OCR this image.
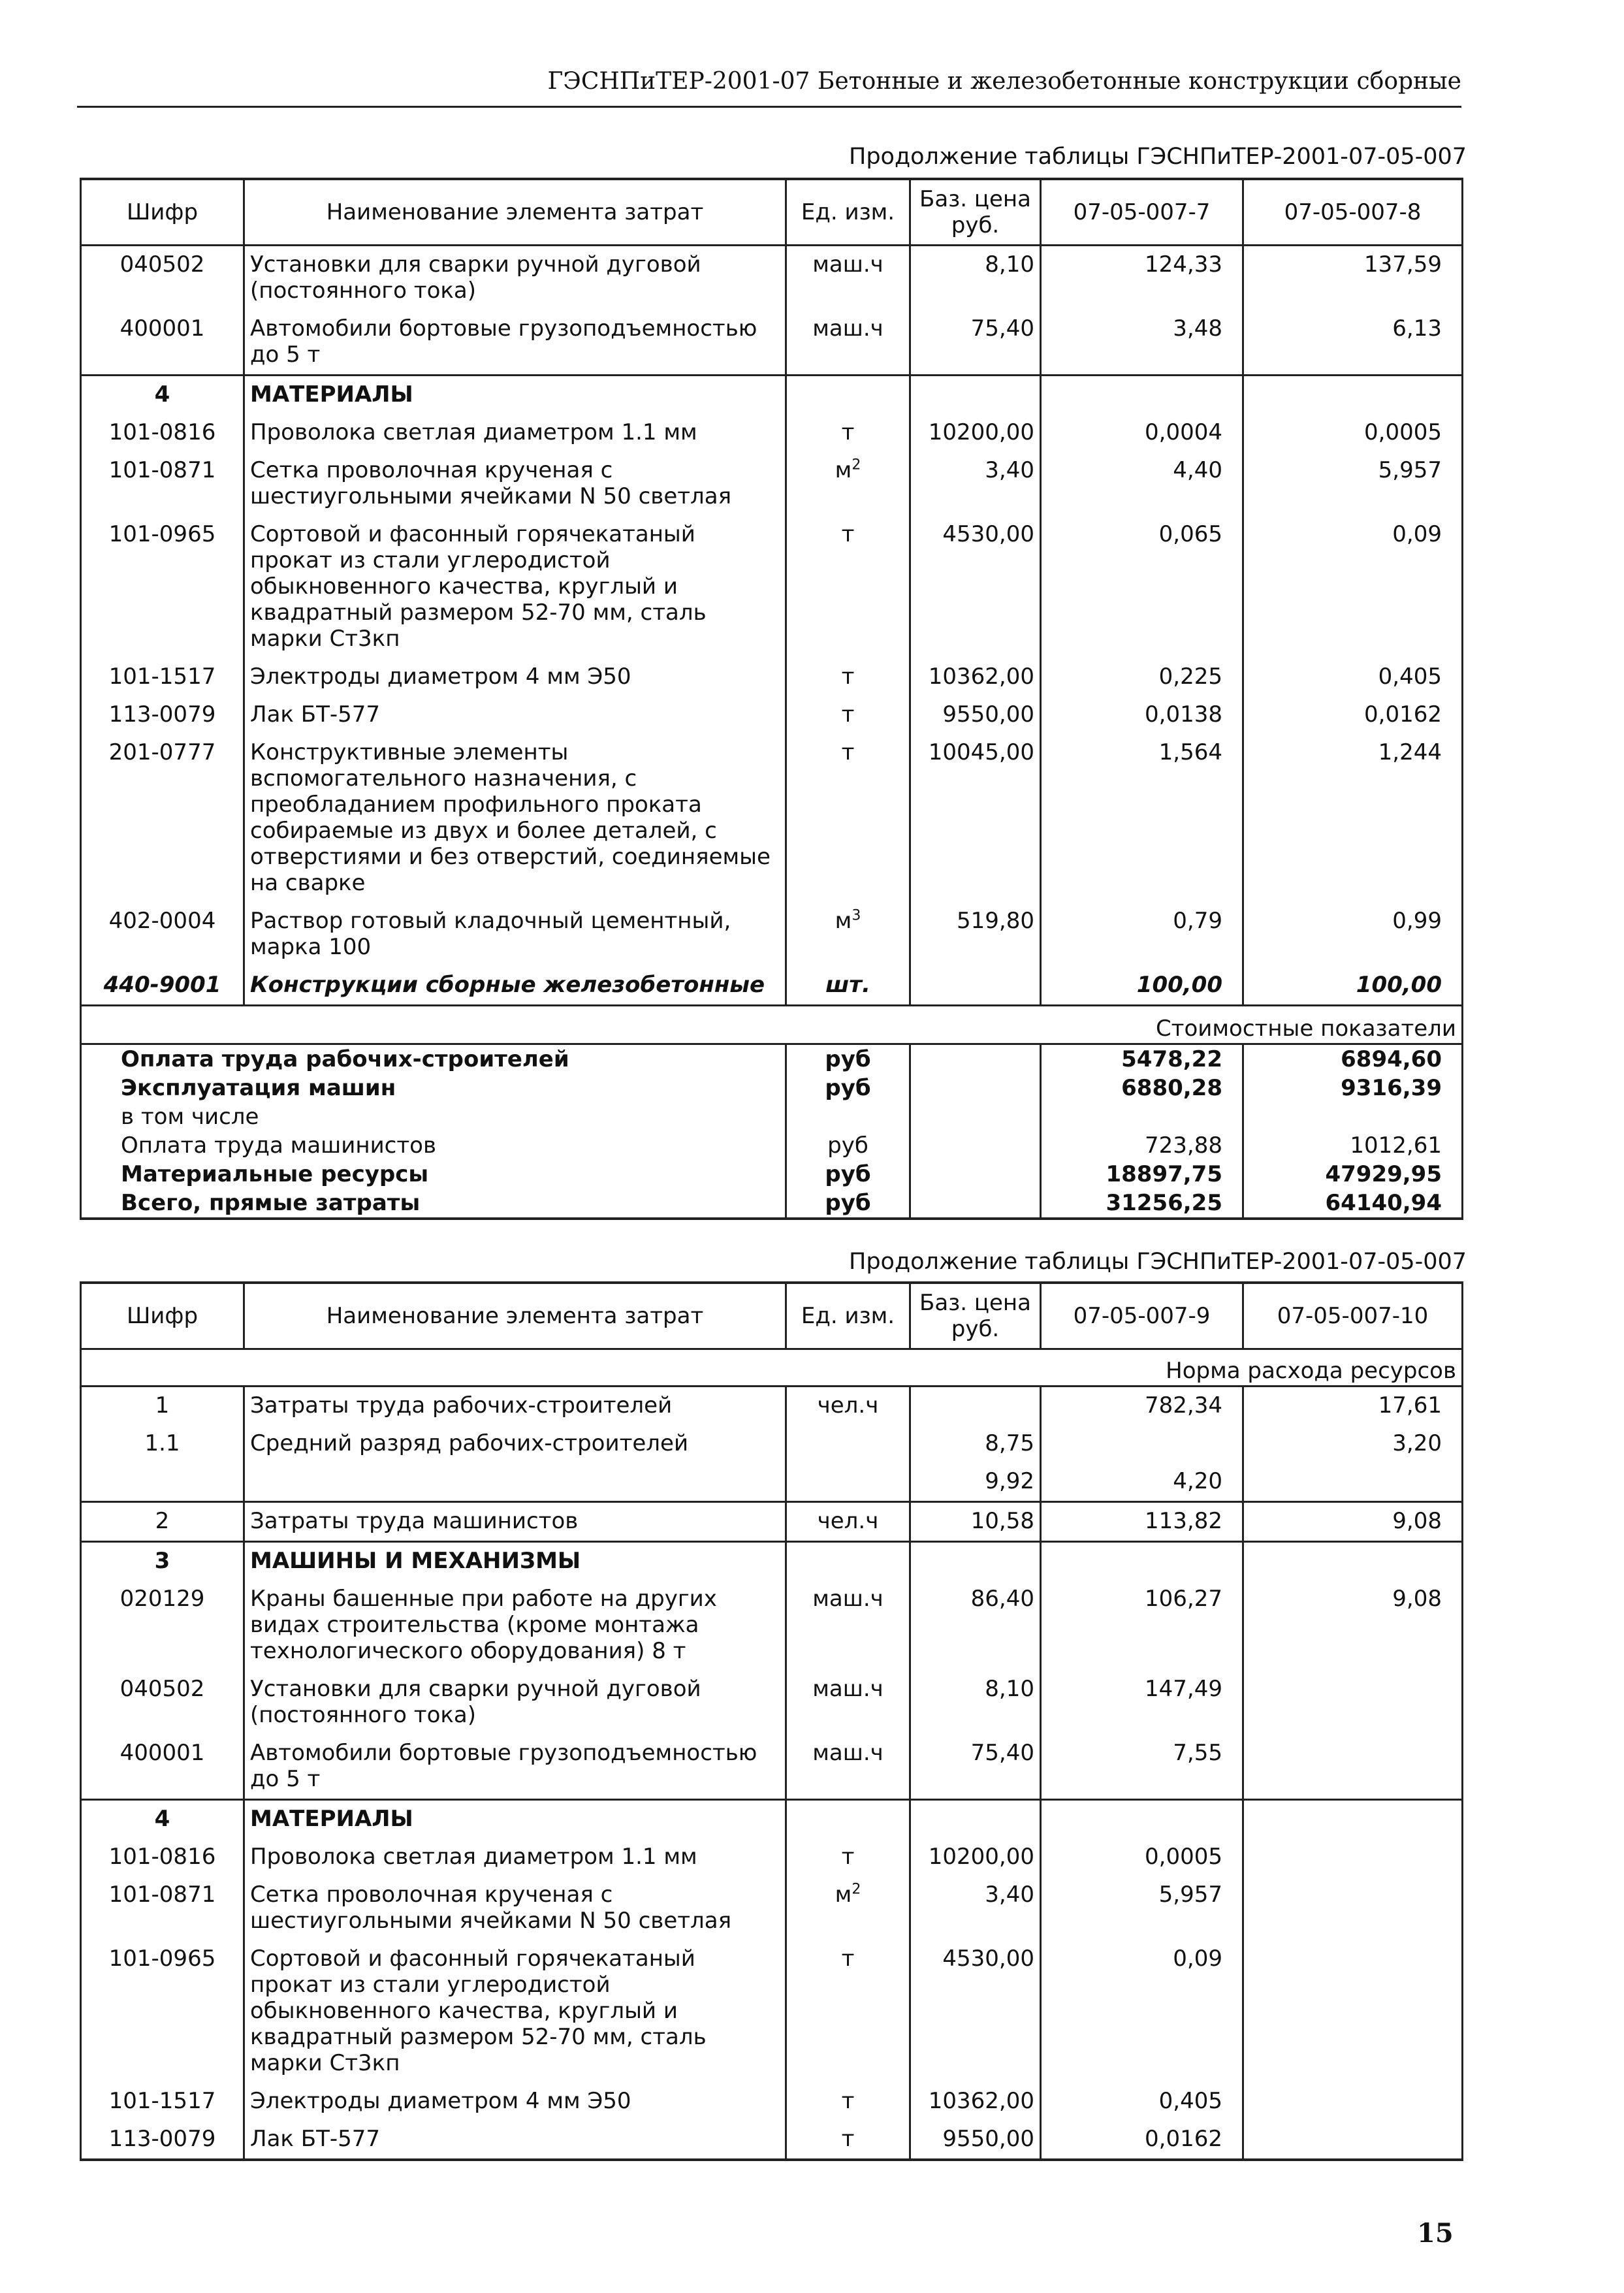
ГЭСНПиТЕР-2001-07 Бетонные и железобетонные конструкции сборные
Продолжение таблицы ГЭСНПиТЕР-2001-07-05-007
Шифр	Наименование элемента затрат	Ед. изм.	Баз. цена руб.	07-05-007-7	07-05-007-8
040502	Установки для сварки ручной дуговой (постоянного тока)	маш.ч	8,10	124,33	137,59
400001	Автомобили бортовые грузоподъемностью до 5 т	маш.ч	75,40	3,48	6,13
4	МАТЕРИАЛЫ				
101-0816	Проволока светлая диаметром 1.1 мм	т	10200,00	0,0004	0,0005
101-0871	Сетка проволочная крученая с шестиугольными ячейками N 50 светлая	$м^2$	3,40	4,40	5,957
101-0965	Сортовой и фасонный горячекатаный прокат из стали углеродистой обыкновенного качества, круглый и квадратный размером 52-70 мм, сталь марки Ст3кп	т	4530,00	0,065	0,09
101-1517	Электроды диаметром 4 мм Э50	т	10362,00	0,225	0,405
113-0079	Лак БТ-577	т	9550,00	0,0138	0,0162
201-0777	Конструктивные элементы вспомогательного назначения, с преобладанием профильного проката собираемые из двух и более деталей, с отверстиями и без отверстий, соединяемые на сварке	т	10045,00	1,564	1,244
402-0004	Раствор готовый кладочный цементный, марка 100	$м^3$	519,80	0,79	0,99
440-9001	Конструкции сборные железобетонные	шт.		100,00	100,00
Стоимостные показатели					
Оплата труда рабочих-строителей		руб		5478,22	6894,60
Эксплуатация машин		руб		6880,28	9316,39
в том числе					
Оплата труда машинистов		руб		723,88	1012,61
Материальные ресурсы		руб		18897,75	47929,95
Всего, прямые затраты		руб		31256,25	64140,94
Продолжение таблицы ГЭСНПиТЕР-2001-07-05-007
Шифр	Наименование элемента затрат	Ед. изм.	Баз. цена руб.	07-05-007-9	07-05-007-10
Норма расхода ресурсов					
1	Затраты труда рабочих-строителей	чел.ч		782,34	17,61
1.1	Средний разряд рабочих-строителей		8,75		3,20
			9,92	4,20	
2	Затраты труда машинистов	чел.ч	10,58	113,82	9,08
3	МАШИНЫ И МЕХАНИЗМЫ				
020129	Краны башенные при работе на других видах строительства (кроме монтажа технологического оборудования) 8 т	маш.ч	86,40	106,27	9,08
040502	Установки для сварки ручной дуговой (постоянного тока)	маш.ч	8,10	147,49	
400001	Автомобили бортовые грузоподъемностью до 5 т	маш.ч	75,40	7,55	
4	МАТЕРИАЛЫ				
101-0816	Проволока светлая диаметром 1.1 мм	т	10200,00	0,0005	
101-0871	Сетка проволочная крученая с шестиугольными ячейками N 50 светлая	$м^2$	3,40	5,957	
101-0965	Сортовой и фасонный горячекатаный прокат из стали углеродистой обыкновенного качества, круглый и квадратный размером 52-70 мм, сталь марки Ст3кп	т	4530,00	0,09	
101-1517	Электроды диаметром 4 мм Э50	т	10362,00	0,405	
113-0079	Лак БТ-577	т	9550,00	0,0162	
15
